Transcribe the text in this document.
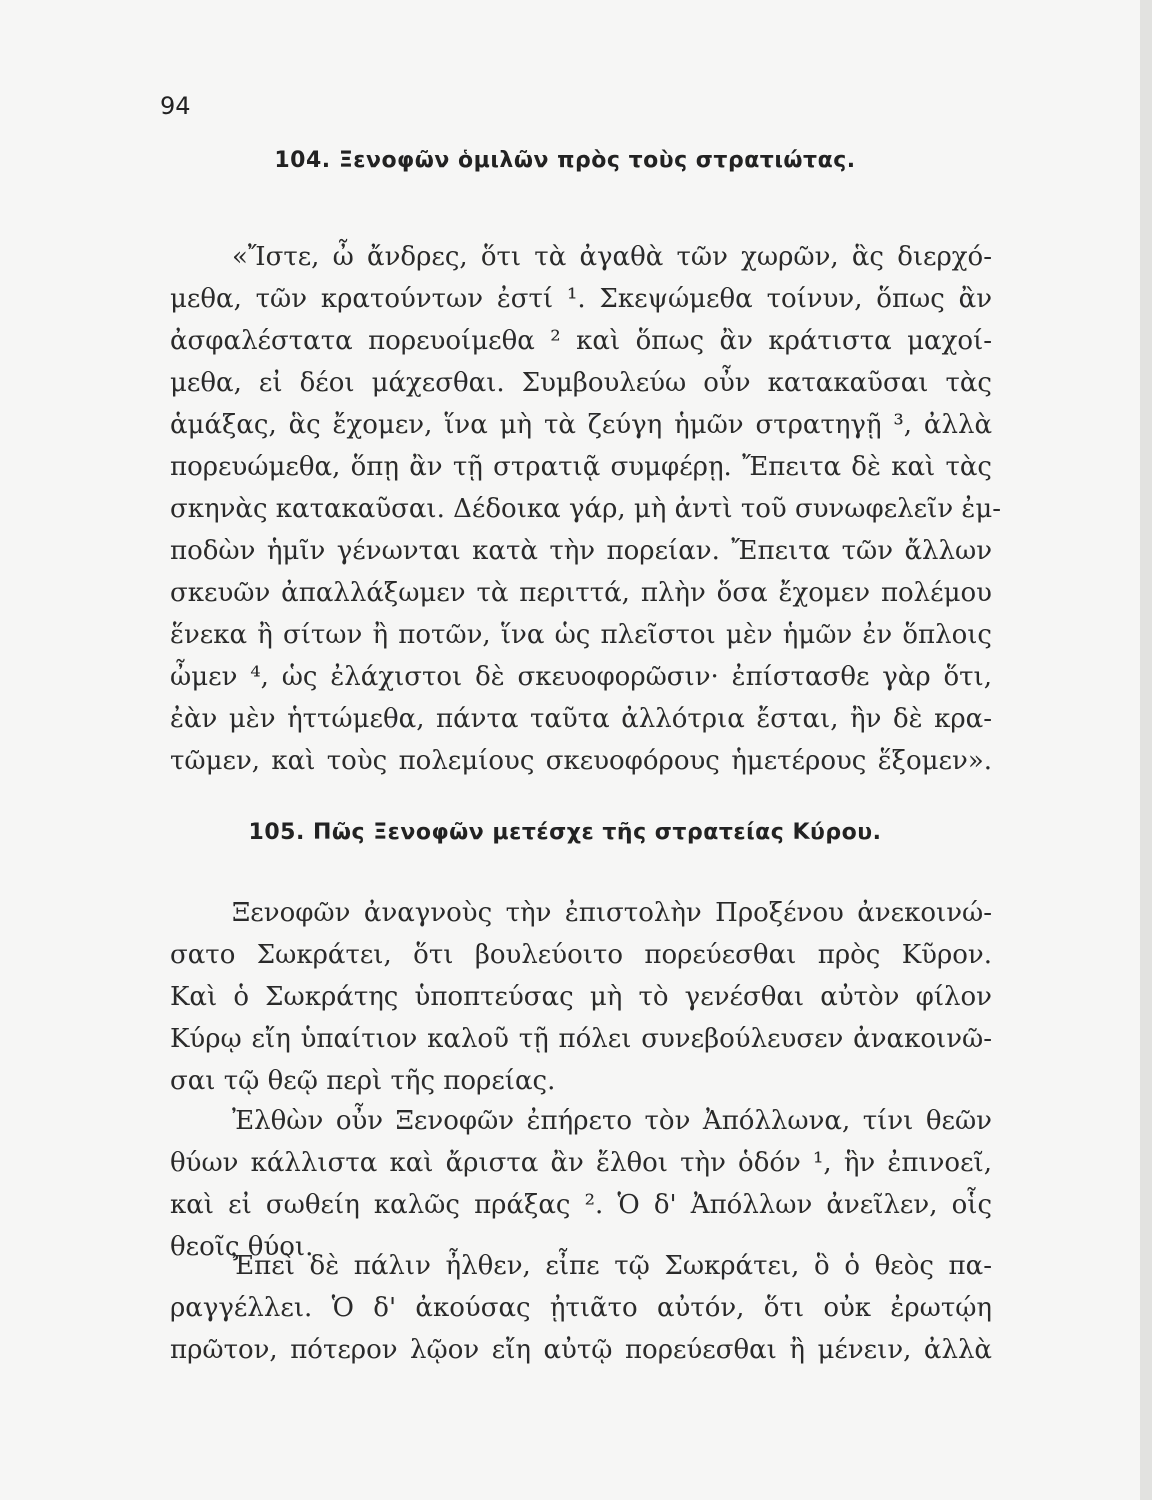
94
104. Ξενοφῶν ὁμιλῶν πρὸς τοὺς στρατιώτας.
«Ἴστε, ὦ ἄνδρες, ὅτι τὰ ἀγαθὰ τῶν χωρῶν, ἃς διερχό-
μεθα, τῶν κρατούντων ἐστί ¹. Σκεψώμεθα τοίνυν, ὅπως ἂν
ἀσφαλέστατα πορευοίμεθα ² καὶ ὅπως ἂν κράτιστα μαχοί-
μεθα, εἰ δέοι μάχεσθαι. Συμβουλεύω οὖν κατακαῦσαι τὰς
ἁμάξας, ἃς ἔχομεν, ἵνα μὴ τὰ ζεύγη ἡμῶν στρατηγῇ ³, ἀλλὰ
πορευώμεθα, ὅπῃ ἂν τῇ στρατιᾷ συμφέρῃ. Ἔπειτα δὲ καὶ τὰς
σκηνὰς κατακαῦσαι. Δέδοικα γάρ, μὴ ἀντὶ τοῦ συνωφελεῖν ἐμ-
ποδὼν ἡμῖν γένωνται κατὰ τὴν πορείαν. Ἔπειτα τῶν ἄλλων
σκευῶν ἀπαλλάξωμεν τὰ περιττά, πλὴν ὅσα ἔχομεν πολέμου
ἕνεκα ἢ σίτων ἢ ποτῶν, ἵνα ὡς πλεῖστοι μὲν ἡμῶν ἐν ὅπλοις
ὦμεν ⁴, ὡς ἐλάχιστοι δὲ σκευοφορῶσιν· ἐπίστασθε γὰρ ὅτι,
ἐὰν μὲν ἡττώμεθα, πάντα ταῦτα ἀλλότρια ἔσται, ἢν δὲ κρα-
τῶμεν, καὶ τοὺς πολεμίους σκευοφόρους ἡμετέρους ἕξομεν».
105. Πῶς Ξενοφῶν μετέσχε τῆς στρατείας Κύρου.
Ξενοφῶν ἀναγνοὺς τὴν ἐπιστολὴν Προξένου ἀνεκοινώ-
σατο Σωκράτει, ὅτι βουλεύοιτο πορεύεσθαι πρὸς Κῦρον.
Καὶ ὁ Σωκράτης ὑποπτεύσας μὴ τὸ γενέσθαι αὐτὸν φίλον
Κύρῳ εἴη ὑπαίτιον καλοῦ τῇ πόλει συνεβούλευσεν ἀνακοινῶ-
σαι τῷ θεῷ περὶ τῆς πορείας.
Ἐλθὼν οὖν Ξενοφῶν ἐπήρετο τὸν Ἀπόλλωνα, τίνι θεῶν
θύων κάλλιστα καὶ ἄριστα ἂν ἔλθοι τὴν ὁδόν ¹, ἣν ἐπινοεῖ,
καὶ εἰ σωθείη καλῶς πράξας ². Ὁ δ' Ἀπόλλων ἀνεῖλεν, οἷς
θεοῖς θύοι.
Ἐπεὶ δὲ πάλιν ἦλθεν, εἶπε τῷ Σωκράτει, ὃ ὁ θεὸς πα-
ραγγέλλει. Ὁ δ' ἀκούσας ᾐτιᾶτο αὐτόν, ὅτι οὐκ ἐρωτῴη
πρῶτον, πότερον λῷον εἴη αὐτῷ πορεύεσθαι ἢ μένειν, ἀλλὰ
